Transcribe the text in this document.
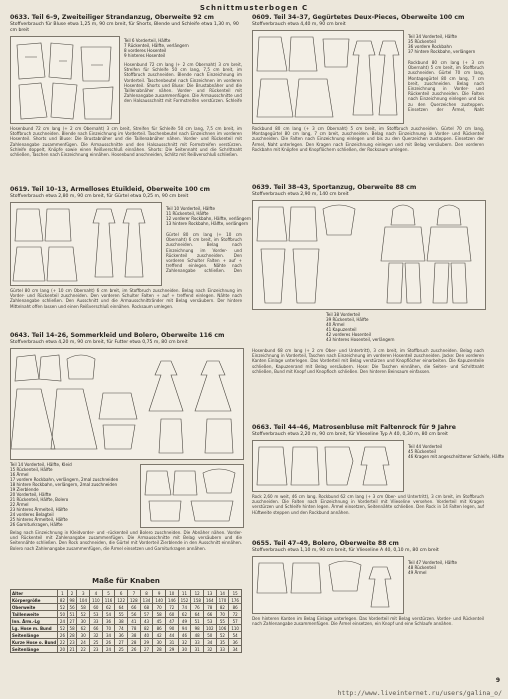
Schnittmusterbogen C

0633. Teil 6–9, Zweiteiliger Strandanzug, Oberweite 92 cm

Stoffverbrauch für Bluse etwa 1,25 m, 90 cm breit, für Shorts, Blende und Schleife etwa 1,30 m, 90 cm breit

Teil 6 Vorderteil, Hälfte
7 Rückenteil, Hälfte, verlängern
8 vorderes Hosenteil
9 hinteres Hosenteil

Hosenbund 72 cm lang (+ 2 cm Obernaht) 3 cm breit, Streifen für Schleife 50 cm lang, 7,5 cm breit, im Stoffbruch zuschneiden. Blende nach Einzeichnung im Vorderteil. Taschenbeutel nach Einzeichnen im vorderen Hosenteil. Shorts und Bluse: Die Brustabnäher und die Taillenabnäher nähen. Vorder- und Rückenteil mit Zahlenangabe zusammenfügen. Die Armausschnitte und den Halsausschnitt mit Formstreifen verstürzen. Schleife

Hosenbund 72 cm lang (+ 2 cm Obernaht) 3 cm breit, Streifen für Schleife 50 cm lang, 7,5 cm breit, im Stoffbruch zuschneiden. Blende nach Einzeichnung im Vorderteil. Taschenbeutel nach Einzeichnen im vorderen Hosenteil. Shorts und Bluse: Die Brustabnäher und die Taillenabnäher nähen. Vorder- und Rückenteil mit Zahlenangabe zusammenfügen. Die Armausschnitte und den Halsausschnitt mit Formstreifen verstürzen. Schleife doppelt, Knöpfe sowie einen Reißverschluß einnähen. Shorts: Die Seitennaht und die Schrittnaht schließen, Taschen nach Einzeichnung einnähen. Hosenbund anschneiden, Schlitz mit Reißverschluß schließen.

0619. Teil 10–13, Ärmelloses Etuikleid, Oberweite 100 cm

Stoffverbrauch etwa 2,80 m, 90 cm breit, für Gürtel etwa 0,25 m, 90 cm breit

Teil 10 Vorderteil, Hälfte
11 Rückenteil, Hälfte
12 vorderer Rockbahn, Hälfte, verlängern
13 hintere Rockbahn, Hälfte, verlängern

Gürtel 80 cm lang (+ 10 cm Obernaht) 6 cm breit, im Stoffbruch zuschneiden. Belag nach Einzeichnung im Vorder- und Rückenteil zuschneiden. Den vorderen Schulter Falten + auf + treffend einlegen. Nähte nach Zahlenangabe schließen. Den

Gürtel 80 cm lang (+ 10 cm Obernaht) 6 cm breit, im Stoffbruch zuschneiden. Belag nach Einzeichnung im Vorder- und Rückenteil zuschneiden. Den vorderen Schulter Falten + auf + treffend einlegen. Nähte nach Zahlenangabe schließen. Den Ausschnitt und die Armausschnittränder mit Belag versäubern. Der hintere Mittelnaht offen lassen und einen Reißverschluß einnähen. Rocksaum umlegen.

0643. Teil 14–26, Sommerkleid und Bolero, Oberweite 116 cm

Stoffverbrauch etwa 4,20 m, 90 cm breit, für Futter etwa 0,75 m, 80 cm breit

Teil 14 Vorderteil, Hälfte, Kleid
15 Rückenteil, Hälfte
16 Ärmel
17 vordere Rockbahn, verlängern, 2mal zuschneiden
18 hintere Rockbahn, verlängern, 2mal zuschneiden
19 Zierblende
20 Vorderteil, Hälfte
21 Rückenteil, Hälfte, Bolero
22 Ärmel
23 hinteres Ärmelteil, Hälfte
24 vorderes Belagteil
25 hinteres Ärmelteil, Hälfte
26 Garniturkragen, Hälfte

Belag nach Einzeichnung in Kleidvorder- und -rückenteil und Bolero zuschneiden. Die Abnäher nähen. Vorder- und Rückenteil mit Zahlenangabe zusammenfügen. Die Armausschnitte mit Belag versäubern und die Seitennähte schließen. Den Rock anschneiden, die Gürtel mit Vorderteil Zierblende in den Ausschnitt einnähen. Bolero nach Zahlenangabe zusammenfügen, die Ärmel einsetzen und Garniturkragen annähen.

Maße für Knaben
Alter	1	2	3	4	5	6	7	8	9	10	11	12	13	14	15
Körpergröße	82	98	104	110	116	122	128	134	140	146	152	158	164	170	176
Oberweite	52	56	58	60	62	64	66	68	70	72	74	76	78	82	86
Taillenweite	50	51	52	53	54	55	56	57	58	60	62	64	66	70	72
Inn. Ärm.-Lg	24	27	30	33	36	38	41	43	45	47	49	51	53	55	57
Lg. Hose m. Bund	52	58	62	66	70	74	78	82	86	90	94	98	102	106	110
Seitenlänge	26	28	30	32	34	36	38	40	42	44	46	48	50	52	54
Kurze Hose o. Bund	22	23	24	25	26	27	28	29	30	31	32	33	34	35	36
Seitenlänge	20	21	22	23	24	25	26	27	28	29	30	31	32	33	34

0609. Teil 34–37, Gegürtetes Deux-Pieces, Oberweite 100 cm

Stoffverbrauch etwa 4,40 m, 90 cm breit

Teil 34 Vorderteil, Hälfte
35 Rückenteil
36 vordere Rockbahn
37 hintere Rockbahn, verlängern

Rockbund 80 cm lang (+ 3 cm Obernaht) 5 cm breit, im Stoffbruch zuschneiden. Gürtel 70 cm lang, Montagegürtel 80 cm lang, 7 cm breit, zuschneiden. Belag nach Einzeichnung in Vorder- und Rückenteil zuschneiden. Die Falten nach Einzeichnung einlegen und bis zu den Querzeichen zusteppen. Einsetzen der Ärmel, Naht

Rockbund 80 cm lang (+ 3 cm Obernaht) 5 cm breit, im Stoffbruch zuschneiden. Gürtel 70 cm lang, Montagegürtel 80 cm lang, 7 cm breit, zuschneiden. Belag nach Einzeichnung in Vorder- und Rückenteil zuschneiden. Die Falten nach Einzeichnung einlegen und bis zu den Querzeichen zusteppen. Einsetzen der Ärmel, Naht unterlegen. Den Kragen nach Einzeichnung einlegen und mit Belag versäubern. Den vorderen Rockbahn mit Knöpfen und Knopflöchern schließen, der Rocksaum umlegen.

0639. Teil 38–43, Sportanzug, Oberweite 88 cm

Stoffverbrauch etwa 2,90 m, 140 cm breit

Teil 38 Vorderteil
39 Rückenteil, Hälfte
40 Ärmel
41 Kapuzenteil
42 vorderes Hosenteil
43 hinteres Hosenteil, verlängern

Hosenbund 68 cm lang (+ 2 cm Ober- und Untertritt), 3 cm breit, im Stoffbruch zuschneiden. Belag nach Einzeichnung in Vorderteil, Taschen nach Einzeichnung im vorderen Hosenteil zuschneiden. Jacke: Den vorderen Kanten Einlage unterlegen. Das Vorderteil mit Belag verstürzen und Knopflöcher einarbeiten. Die Kapuzenteile schließen, Kapuzenrand mit Belag versäubern. Hose: Die Taschen einnähen, die Seiten- und Schrittnaht schließen, Bund mit Knopf und Knopfloch schließen. Den hinteren Beinsaum einfassen.

0663. Teil 44–46, Matrosenbluse mit Faltenrock für 9 Jahre

Stoffverbrauch etwa 2,20 m, 90 cm breit, für Vlieseline Typ A 40, 0,30 m, 80 cm breit

Teil 44 Vorderteil
45 Rückenteil
46 Kragen mit angeschnittener Schleife, Hälfte

Rock 2,60 m weit, 46 cm lang. Rockbund 62 cm lang (+ 3 cm Ober- und Untertritt), 3 cm breit, im Stoffbruch zuschneiden. Die Falten nach Einzeichnung in Vorderteil mit Vlieseline versehen. Vorderteil mit Kragen verstürzen und Schleife hinten legen. Ärmel einsetzen, Seitennähte schließen. Den Rock in 14 Falten legen, auf Hüftweite steppen und den Rockbund annähen.

0655. Teil 47–49, Bolero, Oberweite 88 cm

Stoffverbrauch etwa 1,10 m, 90 cm breit, für Vlieseline A 40, 0,10 m, 80 cm breit

Teil 47 Vorderteil, Hälfte
48 Rückenteil
49 Ärmel

Den hinteren Kanten im Belag Einlage unterlegen. Das Vorderteil mit Belag verstürzen. Vorder- und Rückenteil nach Zahlenangabe zusammenfügen. Die Ärmel einsetzen, ein Knopf und eine Schlaufe annähen.

9
http://www.liveinternet.ru/users/galina_o/
